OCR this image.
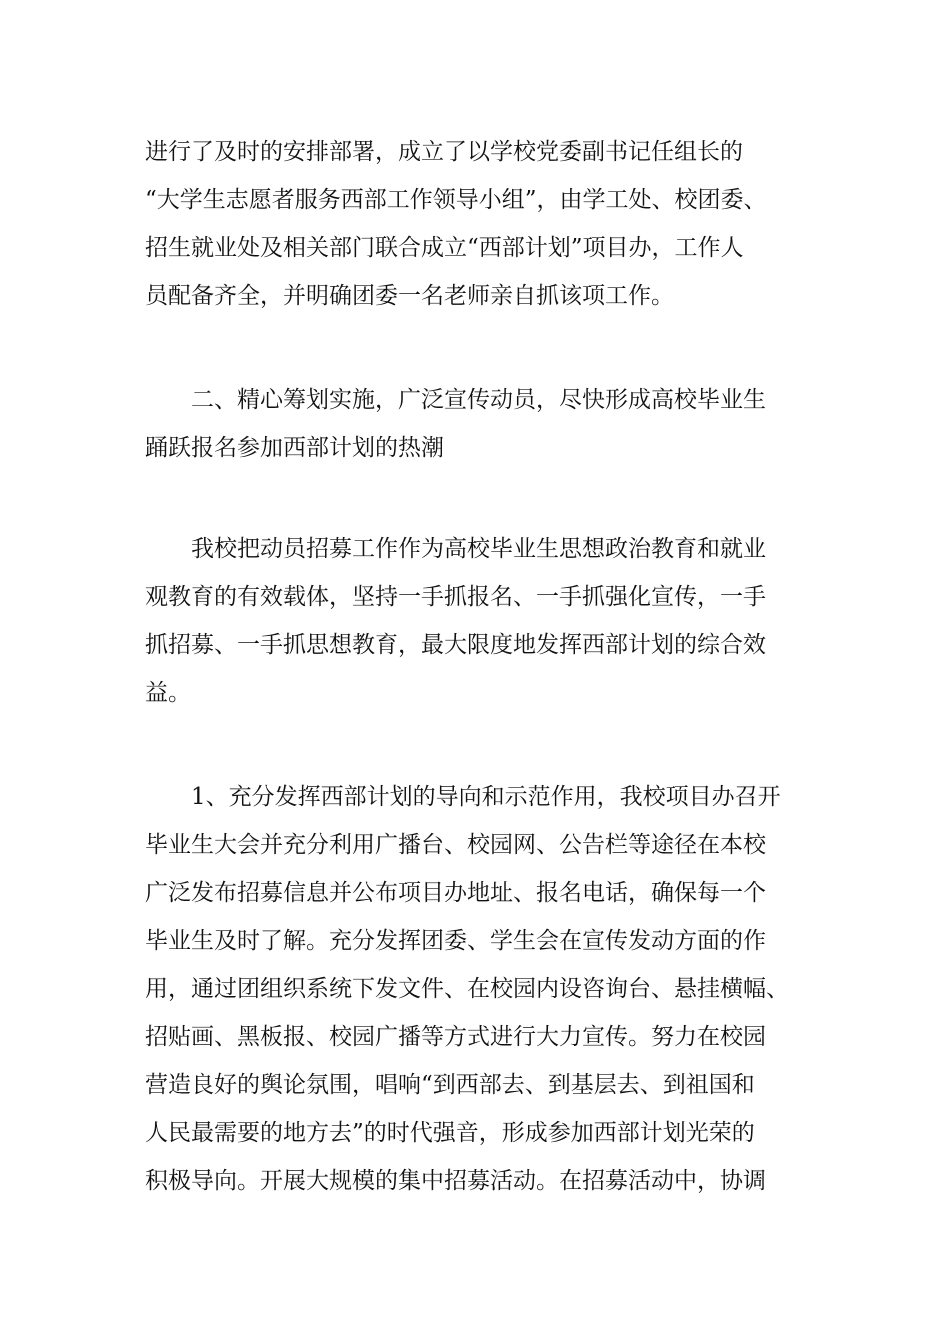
进行了及时的安排部署，成立了以学校党委副书记任组长的
“大学生志愿者服务西部工作领导小组”，由学工处、校团委、
招生就业处及相关部门联合成立“西部计划”项目办，工作人
员配备齐全，并明确团委一名老师亲自抓该项工作。
二、精心筹划实施，广泛宣传动员，尽快形成高校毕业生
踊跃报名参加西部计划的热潮
我校把动员招募工作作为高校毕业生思想政治教育和就业
观教育的有效载体，坚持一手抓报名、一手抓强化宣传，一手
抓招募、一手抓思想教育，最大限度地发挥西部计划的综合效
益。
1、充分发挥西部计划的导向和示范作用，我校项目办召开
毕业生大会并充分利用广播台、校园网、公告栏等途径在本校
广泛发布招募信息并公布项目办地址、报名电话，确保每一个
毕业生及时了解。充分发挥团委、学生会在宣传发动方面的作
用，通过团组织系统下发文件、在校园内设咨询台、悬挂横幅、
招贴画、黑板报、校园广播等方式进行大力宣传。努力在校园
营造良好的舆论氛围，唱响“到西部去、到基层去、到祖国和
人民最需要的地方去”的时代强音，形成参加西部计划光荣的
积极导向。开展大规模的集中招募活动。在招募活动中，协调
